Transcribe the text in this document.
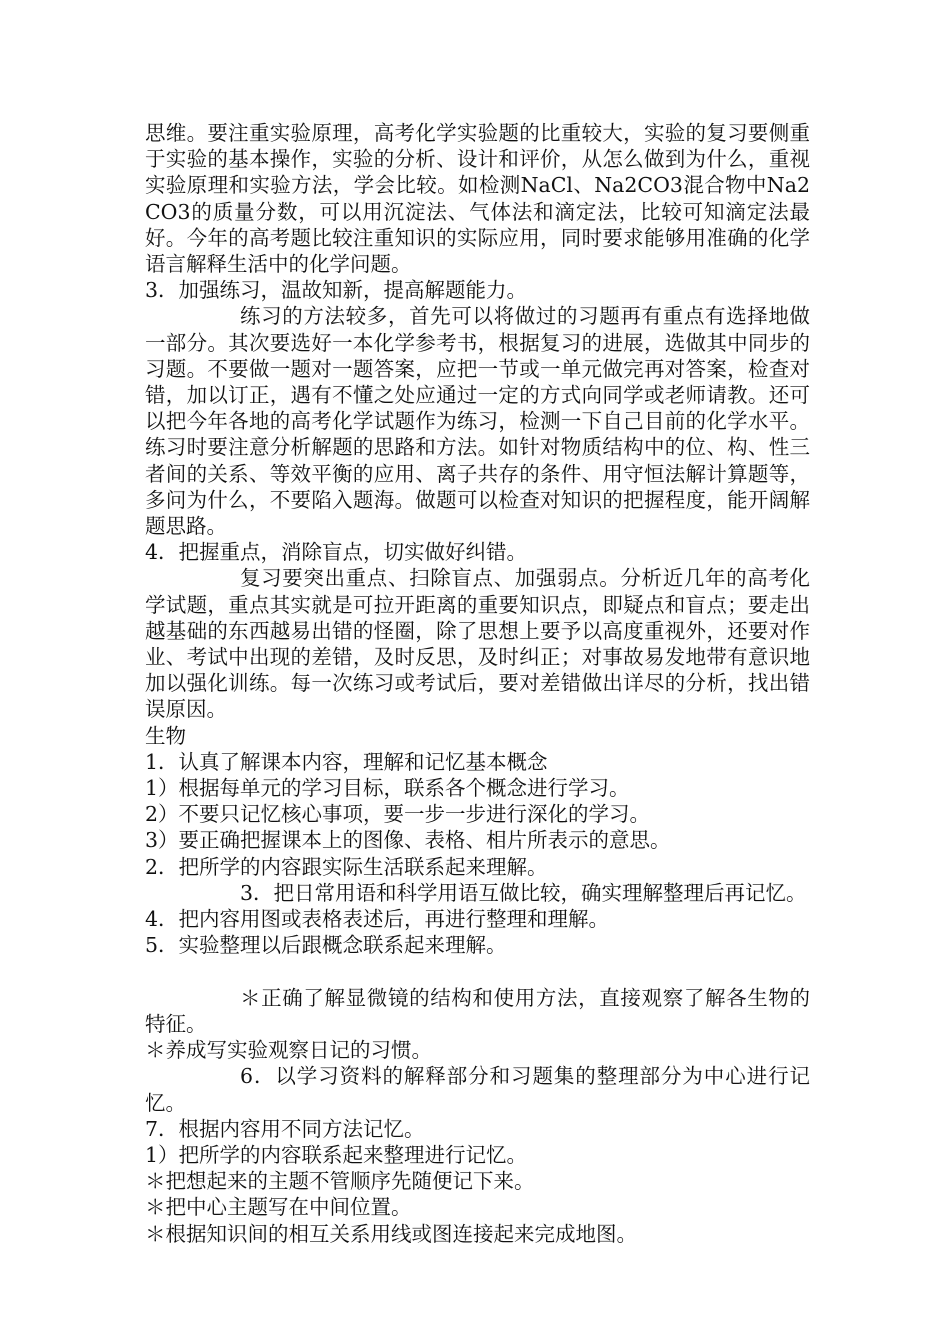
思维。要注重实验原理，高考化学实验题的比重较大，实验的复习要侧重于实验的基本操作，实验的分析、设计和评价，从怎么做到为什么，重视实验原理和实验方法，学会比较。如检测NaCl、Na2CO3混合物中Na2CO3的质量分数，可以用沉淀法、气体法和滴定法，比较可知滴定法最好。今年的高考题比较注重知识的实际应用，同时要求能够用准确的化学语言解释生活中的化学问题。

3．加强练习，温故知新，提高解题能力。

练习的方法较多，首先可以将做过的习题再有重点有选择地做一部分。其次要选好一本化学参考书，根据复习的进展，选做其中同步的习题。不要做一题对一题答案，应把一节或一单元做完再对答案，检查对错，加以订正，遇有不懂之处应通过一定的方式向同学或老师请教。还可以把今年各地的高考化学试题作为练习，检测一下自己目前的化学水平。练习时要注意分析解题的思路和方法。如针对物质结构中的位、构、性三者间的关系、等效平衡的应用、离子共存的条件、用守恒法解计算题等，多问为什么，不要陷入题海。做题可以检查对知识的把握程度，能开阔解题思路。

4．把握重点，消除盲点，切实做好纠错。

复习要突出重点、扫除盲点、加强弱点。分析近几年的高考化学试题，重点其实就是可拉开距离的重要知识点，即疑点和盲点；要走出越基础的东西越易出错的怪圈，除了思想上要予以高度重视外，还要对作业、考试中出现的差错，及时反思，及时纠正；对事故易发地带有意识地加以强化训练。每一次练习或考试后，要对差错做出详尽的分析，找出错误原因。

生物

1．认真了解课本内容，理解和记忆基本概念

1）根据每单元的学习目标，联系各个概念进行学习。

2）不要只记忆核心事项，要一步一步进行深化的学习。

3）要正确把握课本上的图像、表格、相片所表示的意思。

2．把所学的内容跟实际生活联系起来理解。

3．把日常用语和科学用语互做比较，确实理解整理后再记忆。

4．把内容用图或表格表述后，再进行整理和理解。

5．实验整理以后跟概念联系起来理解。

＊正确了解显微镜的结构和使用方法，直接观察了解各生物的特征。

＊养成写实验观察日记的习惯。

6．以学习资料的解释部分和习题集的整理部分为中心进行记忆。

7．根据内容用不同方法记忆。

1）把所学的内容联系起来整理进行记忆。

＊把想起来的主题不管顺序先随便记下来。

＊把中心主题写在中间位置。

＊根据知识间的相互关系用线或图连接起来完成地图。
